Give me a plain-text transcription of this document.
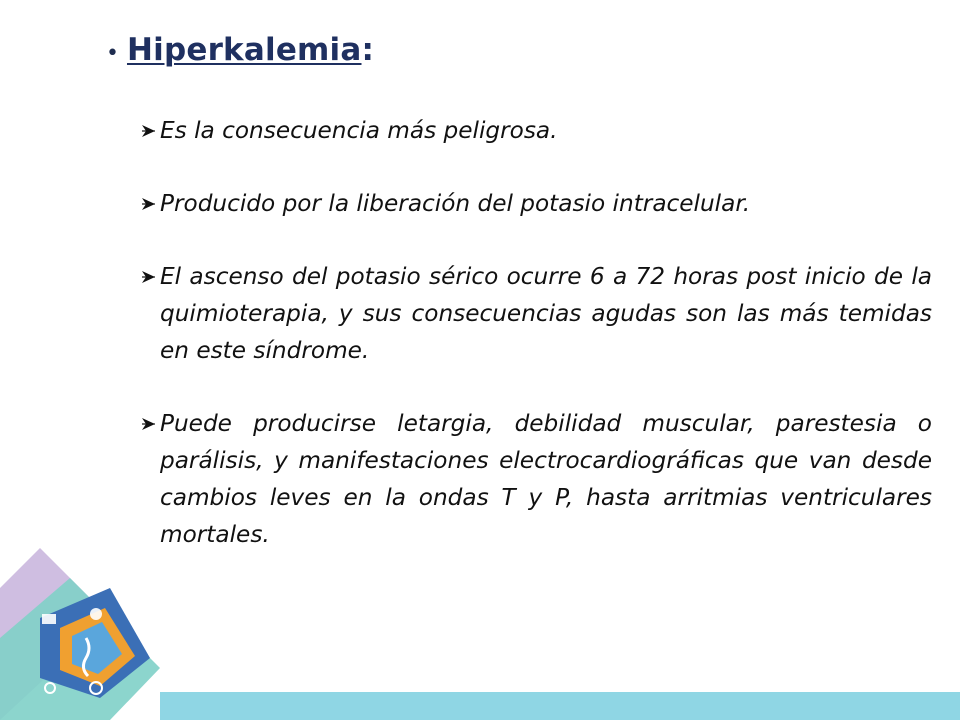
• Hiperkalemia :
Es la consecuencia más peligrosa.
Producido por la liberación del potasio intracelular.
El ascenso del potasio sérico ocurre 6 a 72 horas post inicio de la quimioterapia, y sus consecuencias agudas son las más temidas en este síndrome.
Puede producirse letargia, debilidad muscular, parestesia o parálisis, y manifestaciones electrocardiográficas que van desde cambios leves en la ondas T y P, hasta arritmias ventriculares mortales.
